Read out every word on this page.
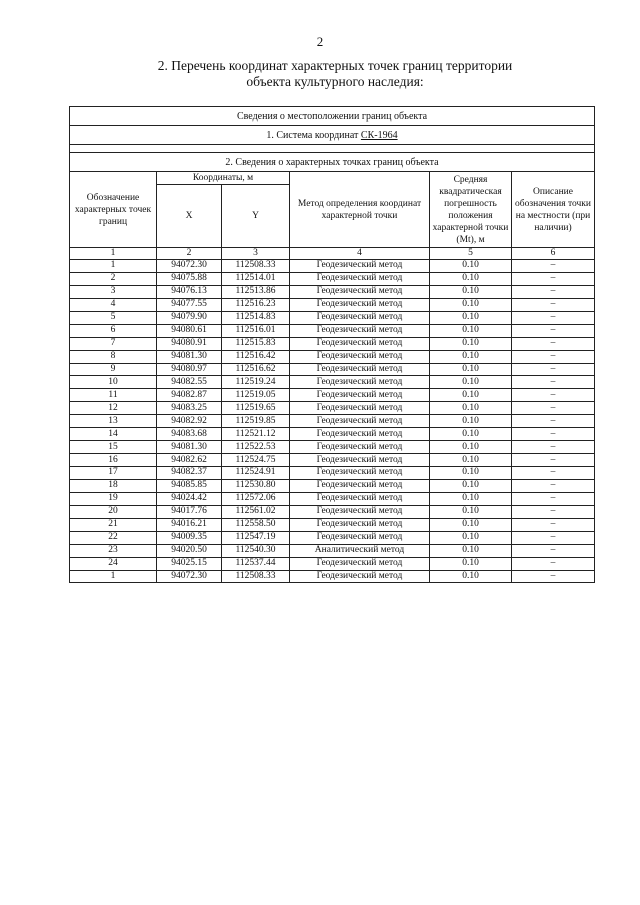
2
2. Перечень координат характерных точек границ территории
объекта культурного наследия:
Сведения о местоположении границ объекта					
1. Система координат СК-1964					

2. Сведения о характерных точках границ объекта					
Обозначение характерных точек границ	Координаты, м		Метод определения координат характерной точки	Средняя квадратическая погрешность положения характерной точки (Mt), м	Описание обозначения точки на местности (при наличии)
	X	Y			
1	2	3	4	5	6
1	94072.30	112508.33	Геодезический метод	0.10	–
2	94075.88	112514.01	Геодезический метод	0.10	–
3	94076.13	112513.86	Геодезический метод	0.10	–
4	94077.55	112516.23	Геодезический метод	0.10	–
5	94079.90	112514.83	Геодезический метод	0.10	–
6	94080.61	112516.01	Геодезический метод	0.10	–
7	94080.91	112515.83	Геодезический метод	0.10	–
8	94081.30	112516.42	Геодезический метод	0.10	–
9	94080.97	112516.62	Геодезический метод	0.10	–
10	94082.55	112519.24	Геодезический метод	0.10	–
11	94082.87	112519.05	Геодезический метод	0.10	–
12	94083.25	112519.65	Геодезический метод	0.10	–
13	94082.92	112519.85	Геодезический метод	0.10	–
14	94083.68	112521.12	Геодезический метод	0.10	–
15	94081.30	112522.53	Геодезический метод	0.10	–
16	94082.62	112524.75	Геодезический метод	0.10	–
17	94082.37	112524.91	Геодезический метод	0.10	–
18	94085.85	112530.80	Геодезический метод	0.10	–
19	94024.42	112572.06	Геодезический метод	0.10	–
20	94017.76	112561.02	Геодезический метод	0.10	–
21	94016.21	112558.50	Геодезический метод	0.10	–
22	94009.35	112547.19	Геодезический метод	0.10	–
23	94020.50	112540.30	Аналитический метод	0.10	–
24	94025.15	112537.44	Геодезический метод	0.10	–
1	94072.30	112508.33	Геодезический метод	0.10	–
